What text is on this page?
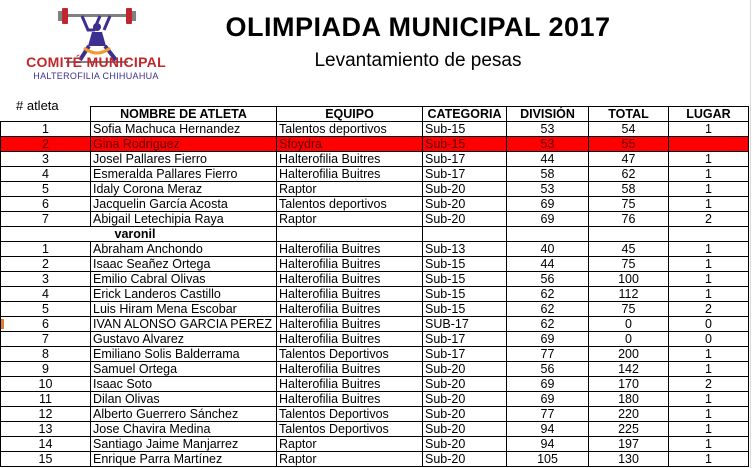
COMITÉ MUNICIPAL
HALTEROFILIA CHIHUAHUA
OLIMPIADA MUNICIPAL 2017
Levantamiento de pesas
# atleta
	NOMBRE DE ATLETA	EQUIPO	CATEGORIA	DIVISIÓN	TOTAL	LUGAR
1	Sofia Machuca Hernandez	Talentos deportivos	Sub-15	53	54	1
2	Gina Rodriguez	Sfoydra	Sub-15	53	55	
3	Josel Pallares Fierro	Halterofilia Buitres	Sub-17	44	47	1
4	Esmeralda Pallares Fierro	Halterofilia Buitres	Sub-17	58	62	1
5	Idaly Corona Meraz	Raptor	Sub-20	53	58	1
6	Jacquelin García Acosta	Talentos deportivos	Sub-20	69	75	1
7	Abigail Letechipia Raya	Raptor	Sub-20	69	76	2
	varonil					
1	Abraham Anchondo	Halterofilia Buitres	Sub-13	40	45	1
2	Isaac Seañez Ortega	Halterofilia Buitres	Sub-15	44	75	1
3	Emilio Cabral Olivas	Halterofilia Buitres	Sub-15	56	100	1
4	Erick Landeros Castillo	Halterofilia Buitres	Sub-15	62	112	1
5	Luis Hiram Mena Escobar	Halterofilia Buitres	Sub-15	62	75	2
6	IVAN ALONSO GARCIA PEREZ	Halterofilia Buitres	SUB-17	62	0	0
7	Gustavo Alvarez	Halterofilia Buitres	Sub-17	69	0	0
8	Emiliano Solis Balderrama	Talentos Deportivos	Sub-17	77	200	1
9	Samuel Ortega	Halterofilia Buitres	Sub-20	56	142	1
10	Isaac Soto	Halterofilia Buitres	Sub-20	69	170	2
11	Dilan Olivas	Halterofilia Buitres	Sub-20	69	180	1
12	Alberto Guerrero Sánchez	Talentos Deportivos	Sub-20	77	220	1
13	Jose Chavira Medina	Talentos Deportivos	Sub-20	94	225	1
14	Santiago Jaime Manjarrez	Raptor	Sub-20	94	197	1
15	Enrique Parra Martínez	Raptor	Sub-20	105	130	1
